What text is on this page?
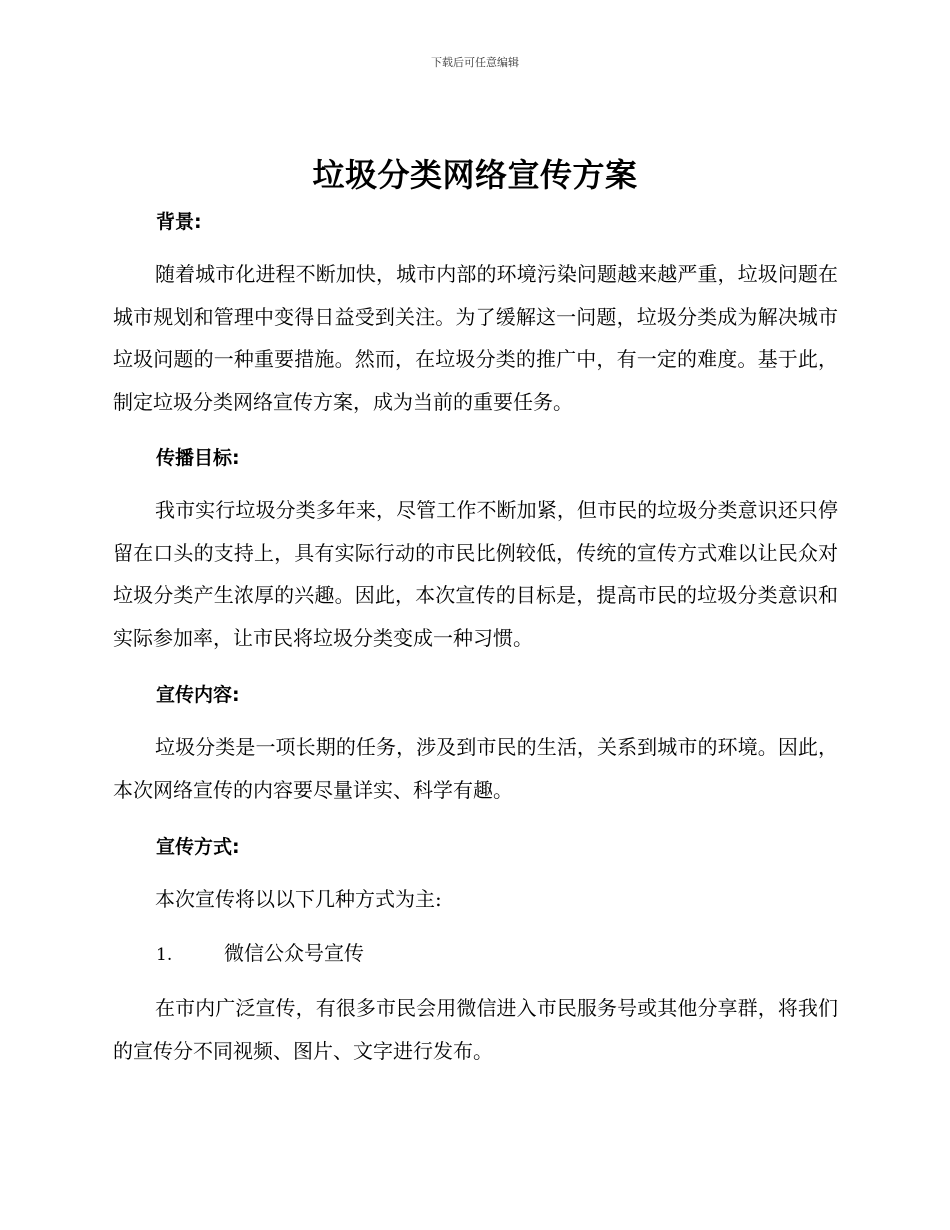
下载后可任意编辑
垃圾分类网络宣传方案
背景:

随着城市化进程不断加快，城市内部的环境污染问题越来越严重，垃圾问题在城市规划和管理中变得日益受到关注。为了缓解这一问题，垃圾分类成为解决城市垃圾问题的一种重要措施。然而，在垃圾分类的推广中，有一定的难度。基于此，制定垃圾分类网络宣传方案，成为当前的重要任务。

传播目标:

我市实行垃圾分类多年来，尽管工作不断加紧，但市民的垃圾分类意识还只停留在口头的支持上，具有实际行动的市民比例较低，传统的宣传方式难以让民众对垃圾分类产生浓厚的兴趣。因此，本次宣传的目标是，提高市民的垃圾分类意识和实际参加率，让市民将垃圾分类变成一种习惯。

宣传内容:

垃圾分类是一项长期的任务，涉及到市民的生活，关系到城市的环境。因此，本次网络宣传的内容要尽量详实、科学有趣。

宣传方式:

本次宣传将以以下几种方式为主:

1.	微信公众号宣传

在市内广泛宣传，有很多市民会用微信进入市民服务号或其他分享群，将我们的宣传分不同视频、图片、文字进行发布。
